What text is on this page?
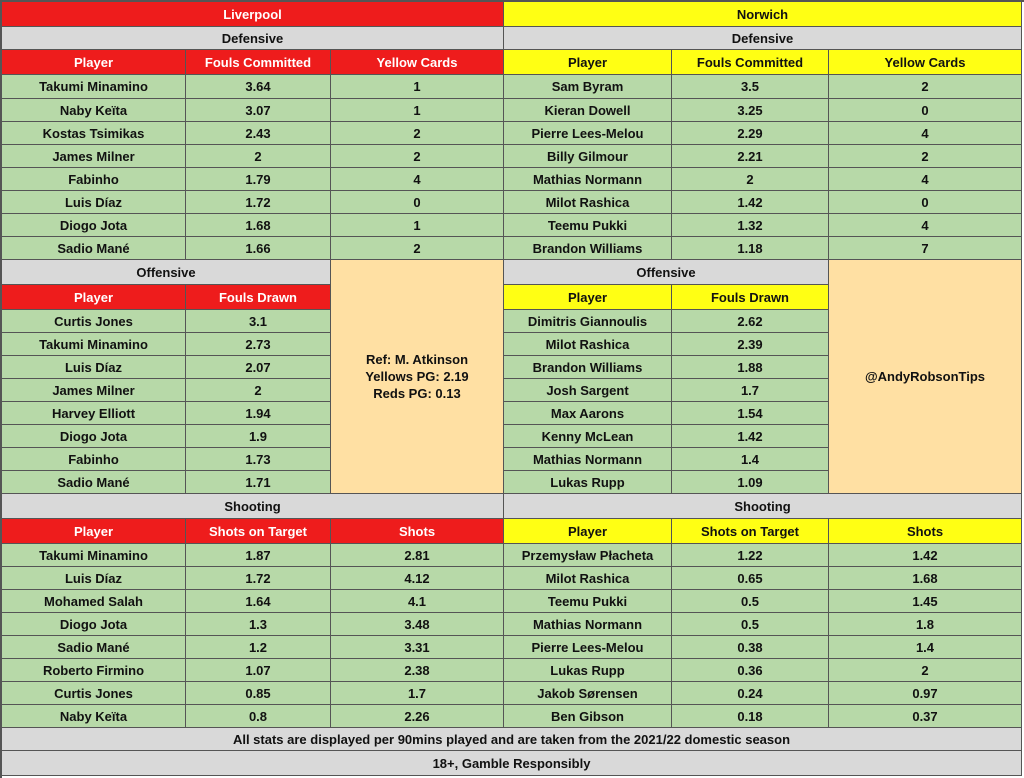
Liverpool
Defensive
Player	Fouls Committed	Yellow Cards
Takumi Minamino	3.64	1
Naby Keïta	3.07	1
Kostas Tsimikas	2.43	2
James Milner	2	2
Fabinho	1.79	4
Luis Díaz	1.72	0
Diogo Jota	1.68	1
Sadio Mané	1.66	2
Offensive
Player	Fouls Drawn
Curtis Jones	3.1
Takumi Minamino	2.73
Luis Díaz	2.07
James Milner	2
Harvey Elliott	1.94
Diogo Jota	1.9
Fabinho	1.73
Sadio Mané	1.71
Shooting
Player	Shots on Target	Shots
Takumi Minamino	1.87	2.81
Luis Díaz	1.72	4.12
Mohamed Salah	1.64	4.1
Diogo Jota	1.3	3.48
Sadio Mané	1.2	3.31
Roberto Firmino	1.07	2.38
Curtis Jones	0.85	1.7
Naby Keïta	0.8	2.26
Norwich
Defensive
Player	Fouls Committed	Yellow Cards
Sam Byram	3.5	2
Kieran Dowell	3.25	0
Pierre Lees-Melou	2.29	4
Billy Gilmour	2.21	2
Mathias Normann	2	4
Milot Rashica	1.42	0
Teemu Pukki	1.32	4
Brandon Williams	1.18	7
Offensive
Player	Fouls Drawn
Dimitris Giannoulis	2.62
Milot Rashica	2.39
Brandon Williams	1.88
Josh Sargent	1.7
Max Aarons	1.54
Kenny McLean	1.42
Mathias Normann	1.4
Lukas Rupp	1.09
Shooting
Player	Shots on Target	Shots
Przemysław Płacheta	1.22	1.42
Milot Rashica	0.65	1.68
Teemu Pukki	0.5	1.45
Mathias Normann	0.5	1.8
Pierre Lees-Melou	0.38	1.4
Lukas Rupp	0.36	2
Jakob Sørensen	0.24	0.97
Ben Gibson	0.18	0.37
Ref: M. Atkinson
Yellows PG: 2.19
Reds PG: 0.13
@AndyRobsonTips
All stats are displayed per 90mins played and are taken from the 2021/22 domestic season
18+, Gamble Responsibly
